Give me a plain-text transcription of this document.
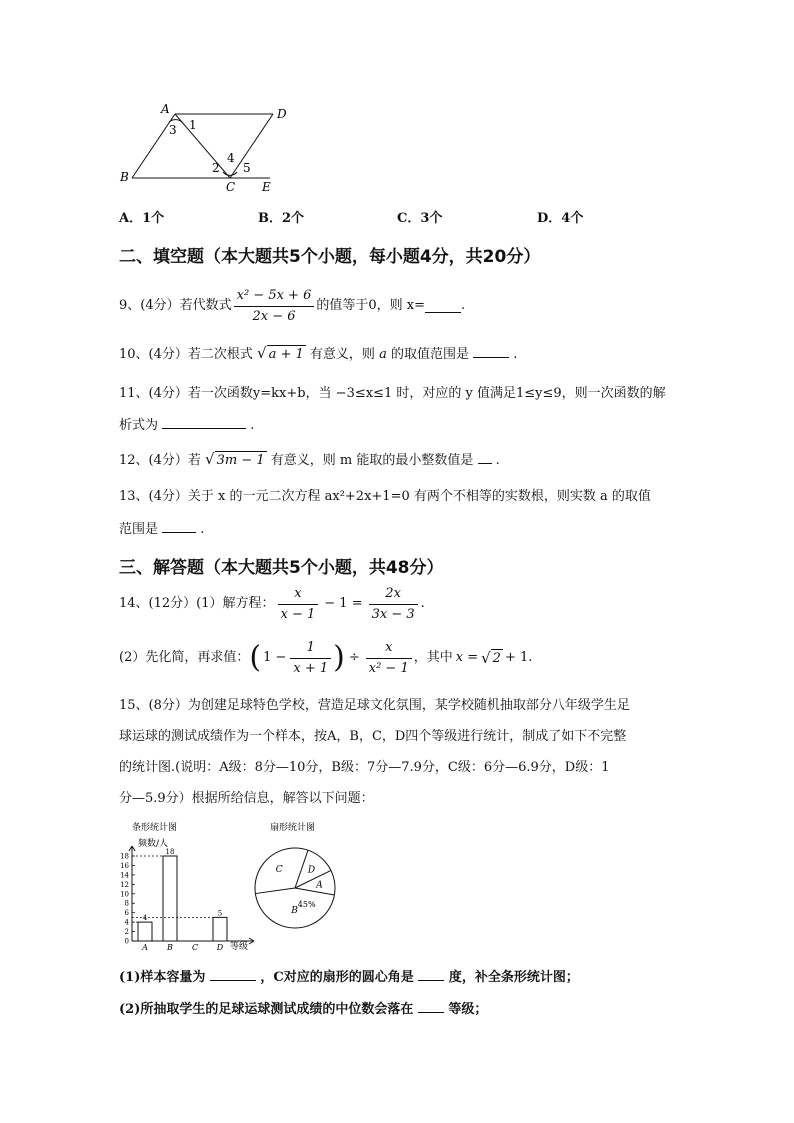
A	D
B
C E
1
3
2
4
5
A．1个	B．2个	C．3个	D．4个
二、填空题（本大题共5个小题，每小题4分，共20分）
9、(4分）若代数式 $\frac{\text{x² − 5x + 6}}{2x - 6}$ 的值等于0，则 x=	.
10、(4分）若二次根式 √ a + 1 有意义，则 a 的取值范围是	.
11、(4分）若一次函数y=kx+b，当 −3≤x≤1 时，对应的 y 值满足1≤y≤9，则一次函数的解
析式为	.
12、(4分）若 √ 3m − 1 有意义，则 m 能取的最小整数值是 .
13、(4分）关于 x 的一元二次方程 ax²+2x+1=0 有两个不相等的实数根，则实数 a 的取值
范围是	.
三、解答题（本大题共5个小题，共48分）
14、(12分）(1）解方程： $\frac{x}{x - 1} - 1 = \frac{2x}{3x - 3}$ .
(2）先化简，再求值： ( $1 - \frac{1}{x + 1}$ ) ÷ $\frac{x}{\text{x² − 1}}$ ，其中 x = √ 2 + 1.
15、(8分）为创建足球特色学校，营造足球文化氛围，某学校随机抽取部分八年级学生足
球运球的测试成绩作为一个样本，按A，B，C，D四个等级进行统计，制成了如下不完整
的统计图.(说明：A级：8分—10分，B级：7分—7.9分，C级：6分—6.9分，D级：1
分—5.9分）根据所给信息，解答以下问题：
条形统计图
频数/人
等级
0
2
4
6
8
10
12
14
16
18
A
4
B
18
C D
5
扇形统计图
B
45%
C	D
A
(1)样本容量为	，C对应的扇形的圆心角是	度，补全条形统计图；
(2)所抽取学生的足球运球测试成绩的中位数会落在	等级；
